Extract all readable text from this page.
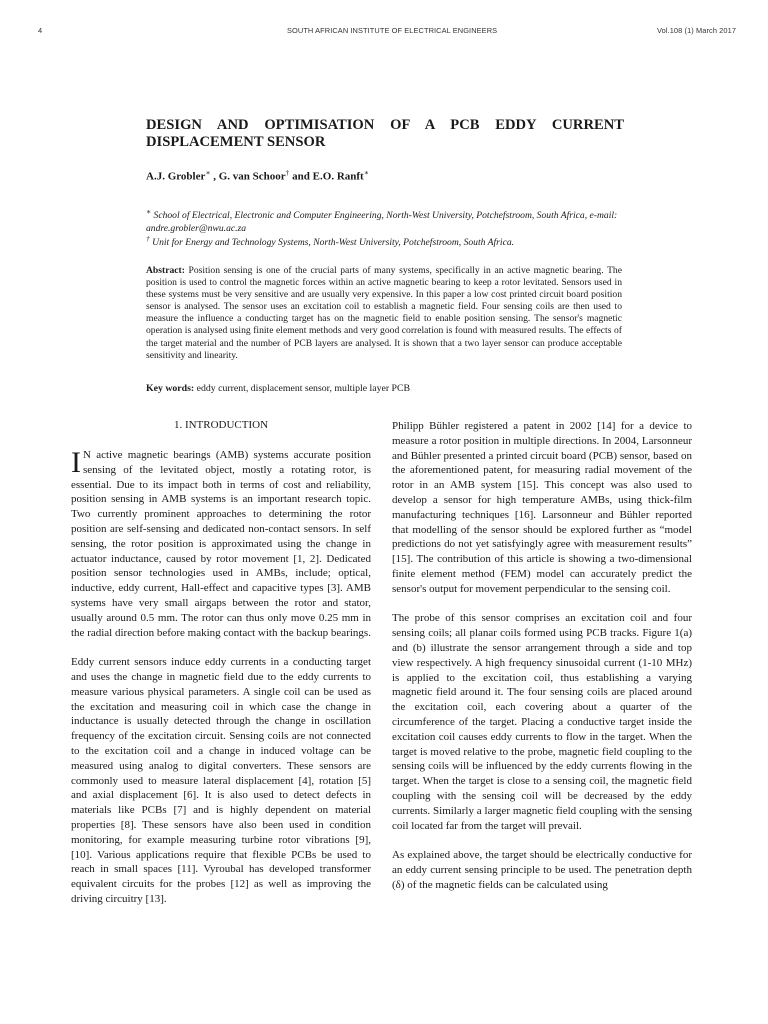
4	SOUTH AFRICAN INSTITUTE OF ELECTRICAL ENGINEERS	Vol.108 (1) March 2017
DESIGN AND OPTIMISATION OF A PCB EDDY CURRENT
DISPLACEMENT SENSOR
A.J. Grobler∗ , G. van Schoor† and E.O. Ranft∗
∗ School of Electrical, Electronic and Computer Engineering, North-West University, Potchefstroom, South Africa, e-mail: andre.grobler@nwu.ac.za
† Unit for Energy and Technology Systems, North-West University, Potchefstroom, South Africa.
Abstract: Position sensing is one of the crucial parts of many systems, specifically in an active magnetic bearing. The position is used to control the magnetic forces within an active magnetic bearing to keep a rotor levitated. Sensors used in these systems must be very sensitive and are usually very expensive. In this paper a low cost printed circuit board position sensor is analysed. The sensor uses an excitation coil to establish a magnetic field. Four sensing coils are then used to measure the influence a conducting target has on the magnetic field to enable position sensing. The sensor's magnetic operation is analysed using finite element methods and very good correlation is found with measured results. The effects of the target material and the number of PCB layers are analysed. It is shown that a two layer sensor can produce acceptable sensitivity and linearity.
Key words: eddy current, displacement sensor, multiple layer PCB
1. INTRODUCTION

I N active magnetic bearings (AMB) systems accurate position sensing of the levitated object, mostly a rotating rotor, is essential. Due to its impact both in terms of cost and reliability, position sensing in AMB systems is an important research topic. Two currently prominent approaches to determining the rotor position are self-sensing and dedicated non-contact sensors. In self sensing, the rotor position is approximated using the change in actuator inductance, caused by rotor movement [1, 2]. Dedicated position sensor technologies used in AMBs, include; optical, inductive, eddy current, Hall-effect and capacitive types [3]. AMB systems have very small airgaps between the rotor and stator, usually around 0.5 mm. The rotor can thus only move 0.25 mm in the radial direction before making contact with the backup bearings.

Eddy current sensors induce eddy currents in a conducting target and uses the change in magnetic field due to the eddy currents to measure various physical parameters. A single coil can be used as the excitation and measuring coil in which case the change in inductance is usually detected through the change in oscillation frequency of the excitation circuit. Sensing coils are not connected to the excitation coil and a change in induced voltage can be measured using analog to digital converters. These sensors are commonly used to measure lateral displacement [4], rotation [5] and axial displacement [6]. It is also used to detect defects in materials like PCBs [7] and is highly dependent on material properties [8]. These sensors have also been used in condition monitoring, for example measuring turbine rotor vibrations [9], [10]. Various applications require that flexible PCBs be used to reach in small spaces [11]. Vyroubal has developed transformer equivalent circuits for the probes [12] as well as improving the driving circuitry [13].

Philipp Bühler registered a patent in 2002 [14] for a device to measure a rotor position in multiple directions. In 2004, Larsonneur and Bühler presented a printed circuit board (PCB) sensor, based on the aforementioned patent, for measuring radial movement of the rotor in an AMB system [15]. This concept was also used to develop a sensor for high temperature AMBs, using thick-film manufacturing techniques [16]. Larsonneur and Bühler reported that modelling of the sensor should be explored further as “model predictions do not yet satisfyingly agree with measurement results” [15]. The contribution of this article is showing a two-dimensional finite element method (FEM) model can accurately predict the sensor's output for movement perpendicular to the sensing coil.

The probe of this sensor comprises an excitation coil and four sensing coils; all planar coils formed using PCB tracks. Figure 1(a) and (b) illustrate the sensor arrangement through a side and top view respectively. A high frequency sinusoidal current (1-10 MHz) is applied to the excitation coil, thus establishing a varying magnetic field around it. The four sensing coils are placed around the excitation coil, each covering about a quarter of the circumference of the target. Placing a conductive target inside the excitation coil causes eddy currents to flow in the target. When the target is moved relative to the probe, magnetic field coupling to the sensing coils will be influenced by the eddy currents flowing in the target. When the target is close to a sensing coil, the magnetic field coupling with the sensing coil will be decreased by the eddy currents. Similarly a larger magnetic field coupling with the sensing coil located far from the target will prevail.

As explained above, the target should be electrically conductive for an eddy current sensing principle to be used. The penetration depth (δ) of the magnetic fields can be calculated using
